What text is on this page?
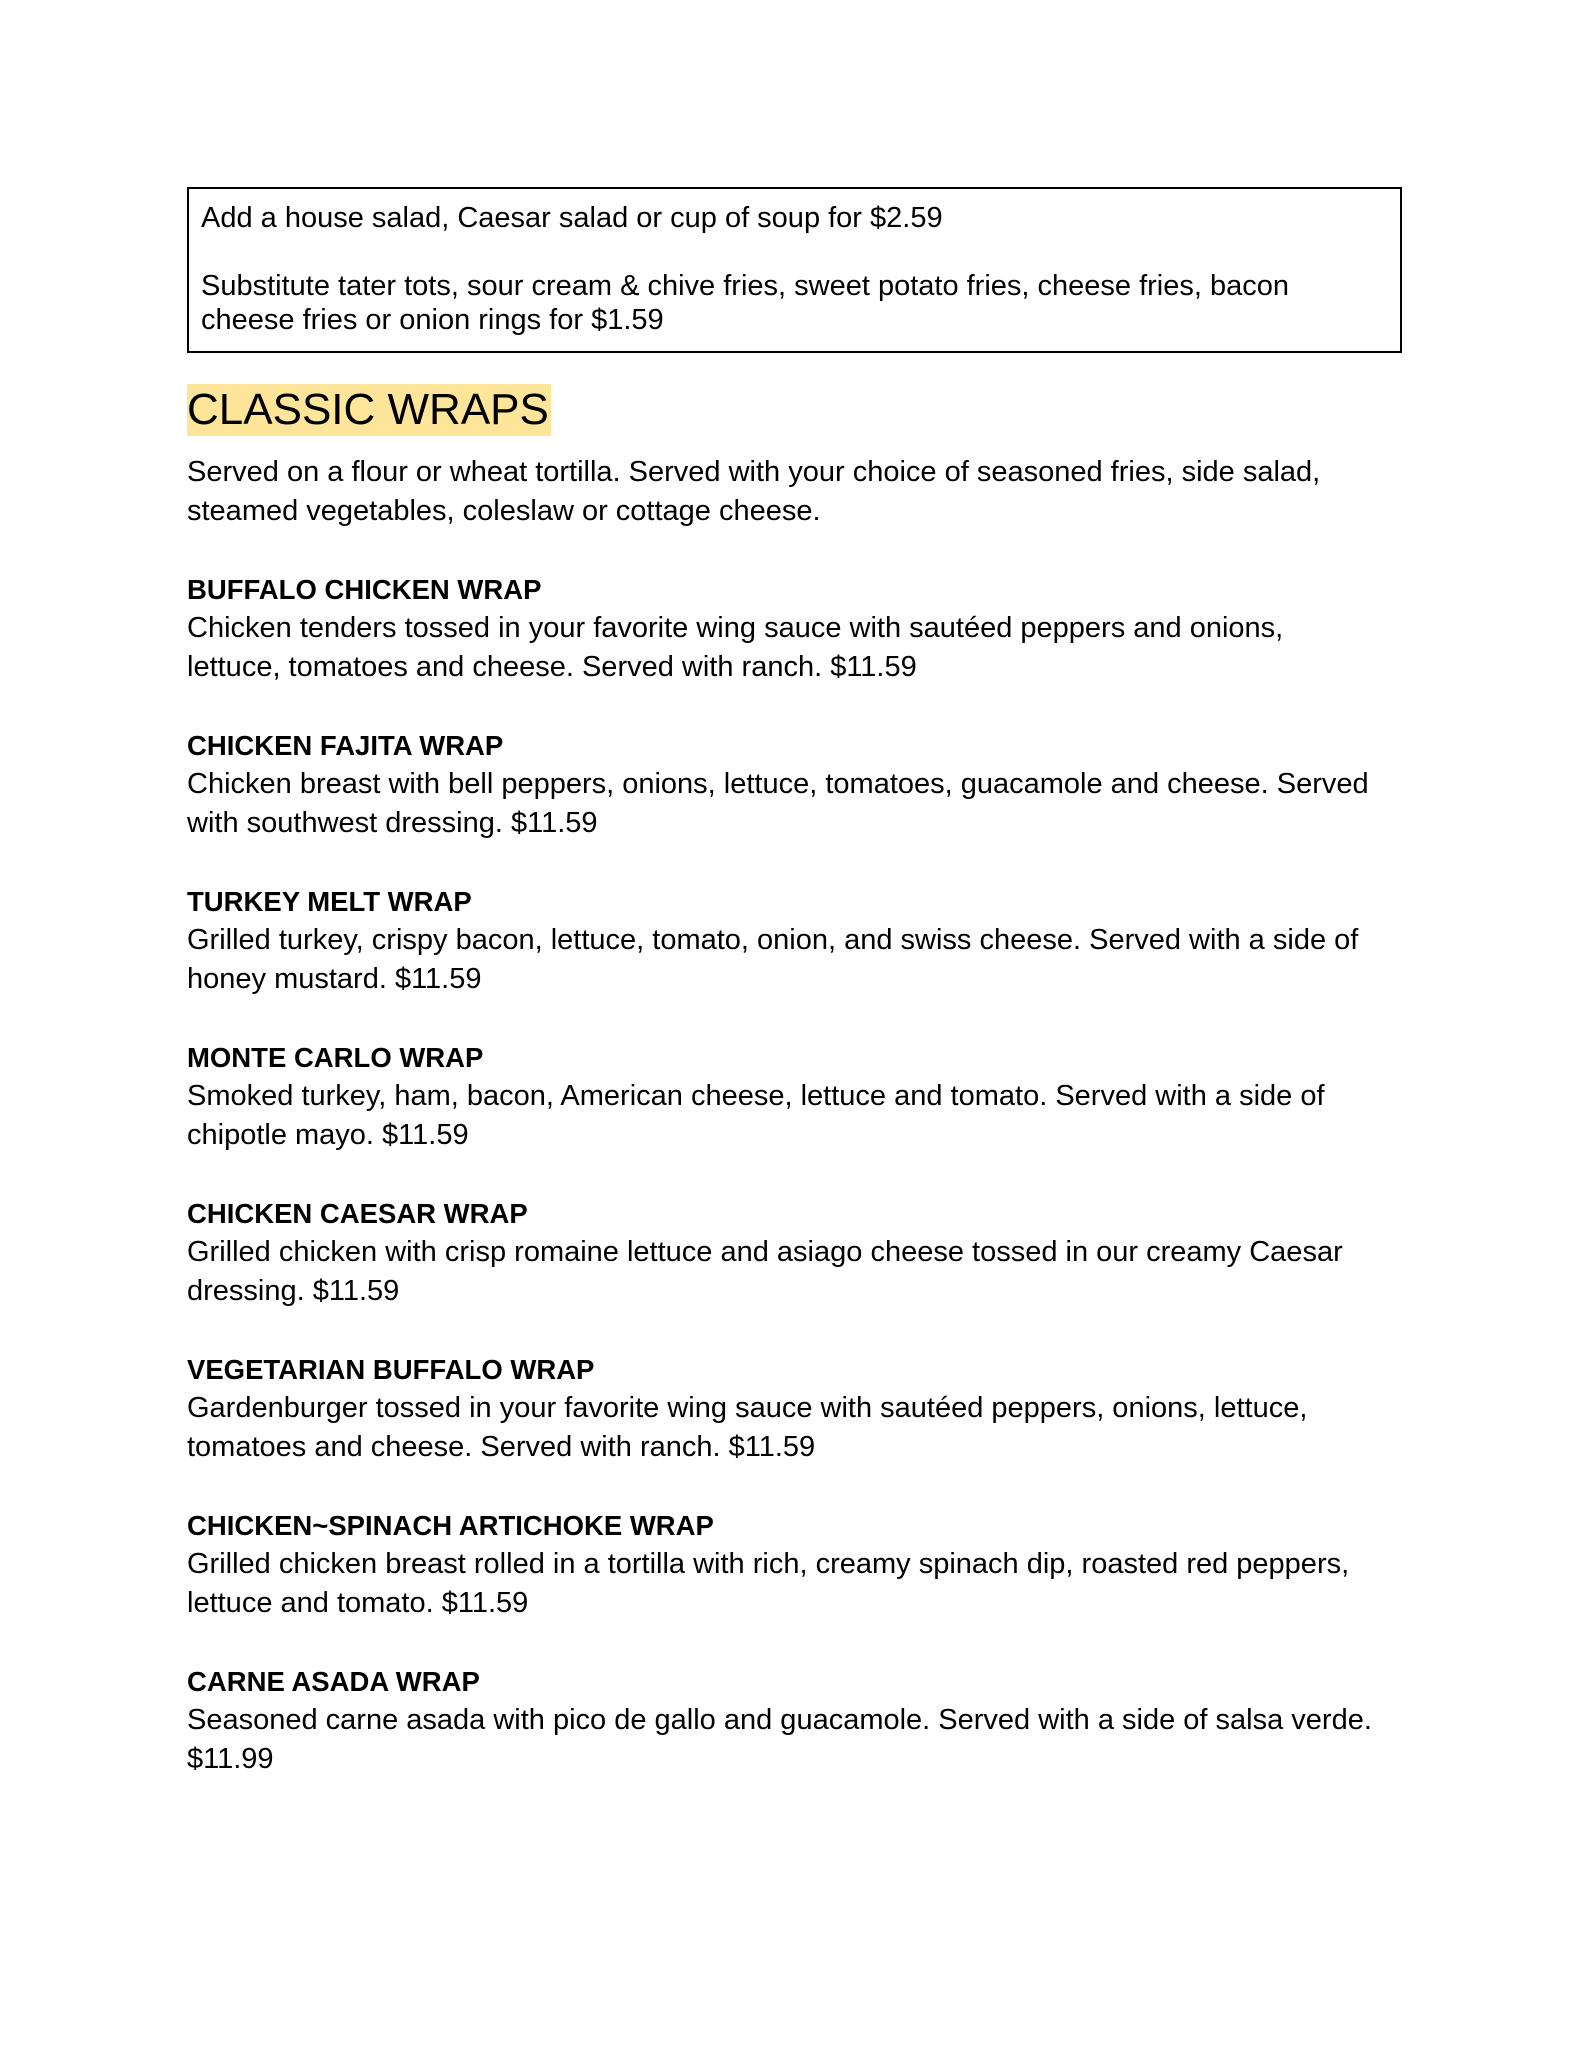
Add a house salad, Caesar salad or cup of soup for $2.59
Substitute tater tots, sour cream & chive fries, sweet potato fries, cheese fries, bacon cheese fries or onion rings for $1.59
CLASSIC WRAPS
Served on a flour or wheat tortilla. Served with your choice of seasoned fries, side salad, steamed vegetables, coleslaw or cottage cheese.
BUFFALO CHICKEN WRAP
Chicken tenders tossed in your favorite wing sauce with sautéed peppers and onions, lettuce, tomatoes and cheese. Served with ranch. $11.59
CHICKEN FAJITA WRAP
Chicken breast with bell peppers, onions, lettuce, tomatoes, guacamole and cheese. Served with southwest dressing. $11.59
TURKEY MELT WRAP
Grilled turkey, crispy bacon, lettuce, tomato, onion, and swiss cheese. Served with a side of honey mustard. $11.59
MONTE CARLO WRAP
Smoked turkey, ham, bacon, American cheese, lettuce and tomato. Served with a side of chipotle mayo. $11.59
CHICKEN CAESAR WRAP
Grilled chicken with crisp romaine lettuce and asiago cheese tossed in our creamy Caesar dressing. $11.59
VEGETARIAN BUFFALO WRAP
Gardenburger tossed in your favorite wing sauce with sautéed peppers, onions, lettuce, tomatoes and cheese. Served with ranch. $11.59
CHICKEN~SPINACH ARTICHOKE WRAP
Grilled chicken breast rolled in a tortilla with rich, creamy spinach dip, roasted red peppers, lettuce and tomato. $11.59
CARNE ASADA WRAP
Seasoned carne asada with pico de gallo and guacamole. Served with a side of salsa verde. $11.99
